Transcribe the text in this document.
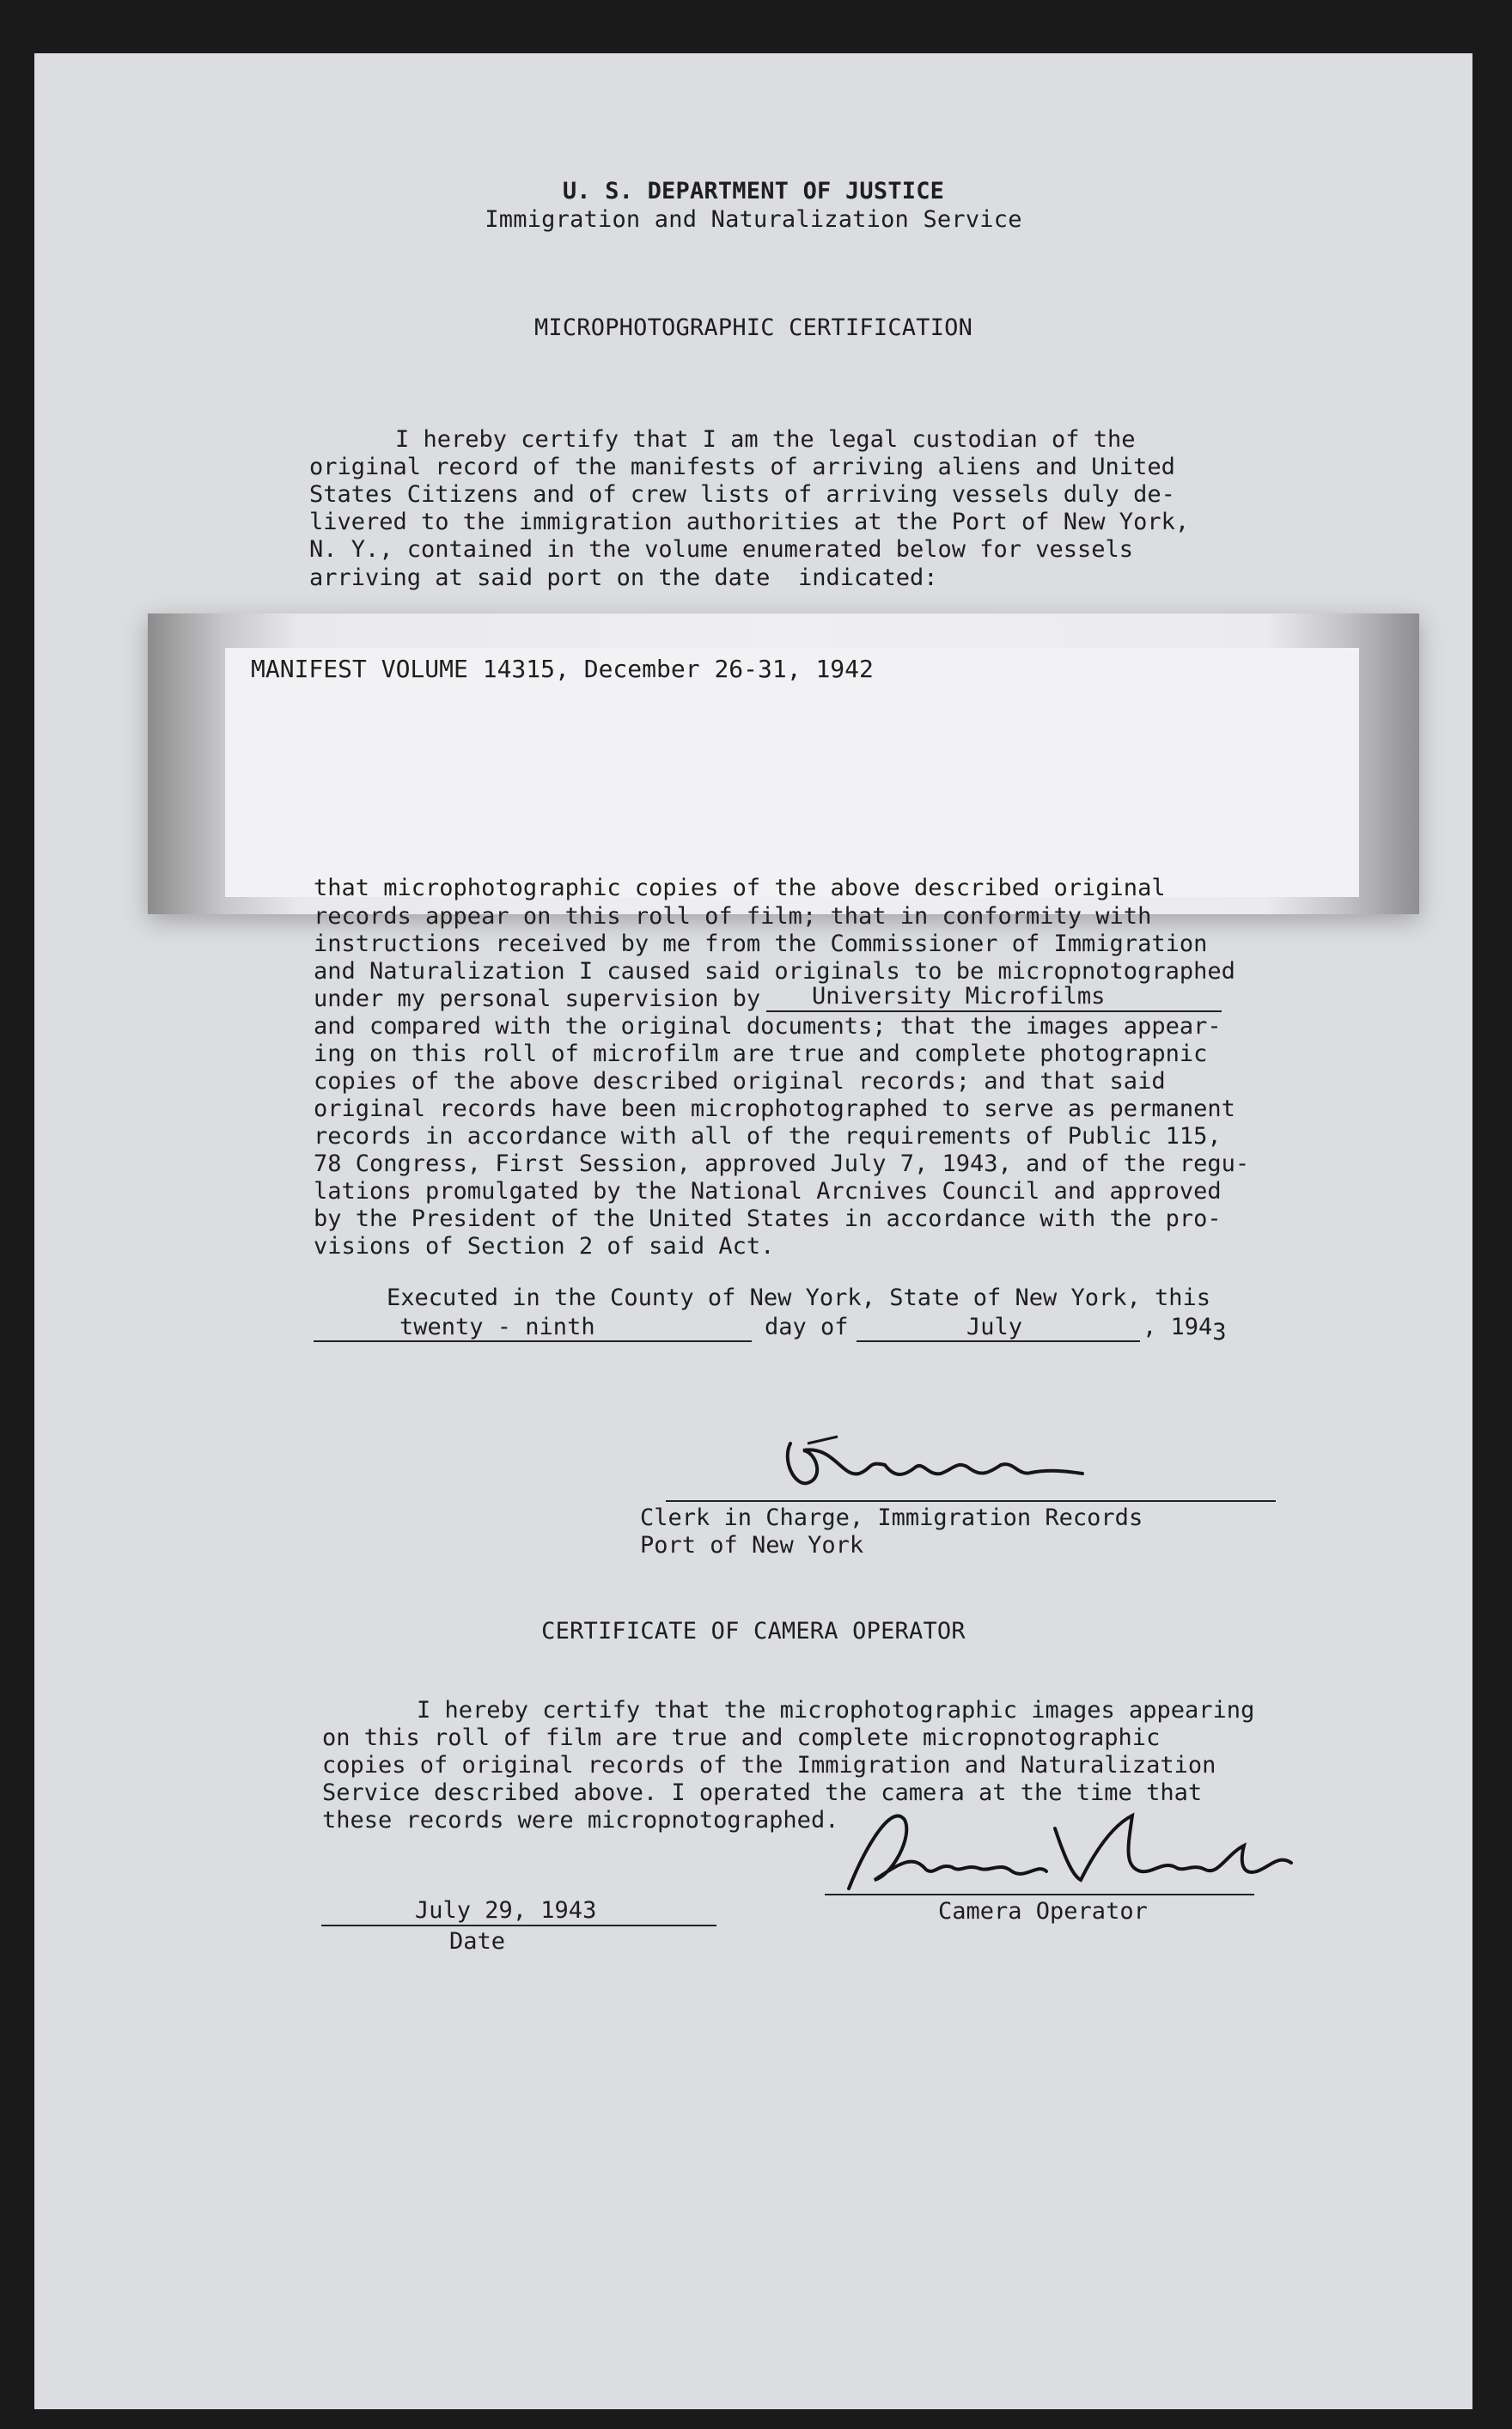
U. S. DEPARTMENT OF JUSTICE
Immigration and Naturalization Service
MICROPHOTOGRAPHIC CERTIFICATION
I hereby certify that I am the legal custodian of the
original record of the manifests of arriving aliens and United
States Citizens and of crew lists of arriving vessels duly de-
livered to the immigration authorities at the Port of New York,
N. Y., contained in the volume enumerated below for vessels
arriving at said port on the date  indicated:
MANIFEST VOLUME 14315, December 26-31, 1942
that microphotographic copies of the above described original
records appear on this roll of film; that in conformity with
instructions received by me from the Commissioner of Immigration
and Naturalization I caused said originals to be micropnotographed
under my personal supervision by University Microfilms
and compared with the original documents; that the images appear-
ing on this roll of microfilm are true and complete photograpnic
copies of the above described original records; and that said
original records have been microphotographed to serve as permanent
records in accordance with all of the requirements of Public 115,
78 Congress, First Session, approved July 7, 1943, and of the regu-
lations promulgated by the National Arcnives Council and approved
by the President of the United States in accordance with the pro-
visions of Section 2 of said Act.
Executed in the County of New York, State of New York, this
twenty - ninth	day of	July	, 1943
Clerk in Charge, Immigration Records
Port of New York
CERTIFICATE OF CAMERA OPERATOR
I hereby certify that the microphotographic images appearing
on this roll of film are true and complete micropnotographic
copies of original records of the Immigration and Naturalization
Service described above. I operated the camera at the time that
these records were micropnotographed.
July 29, 1943
Date
Camera Operator
